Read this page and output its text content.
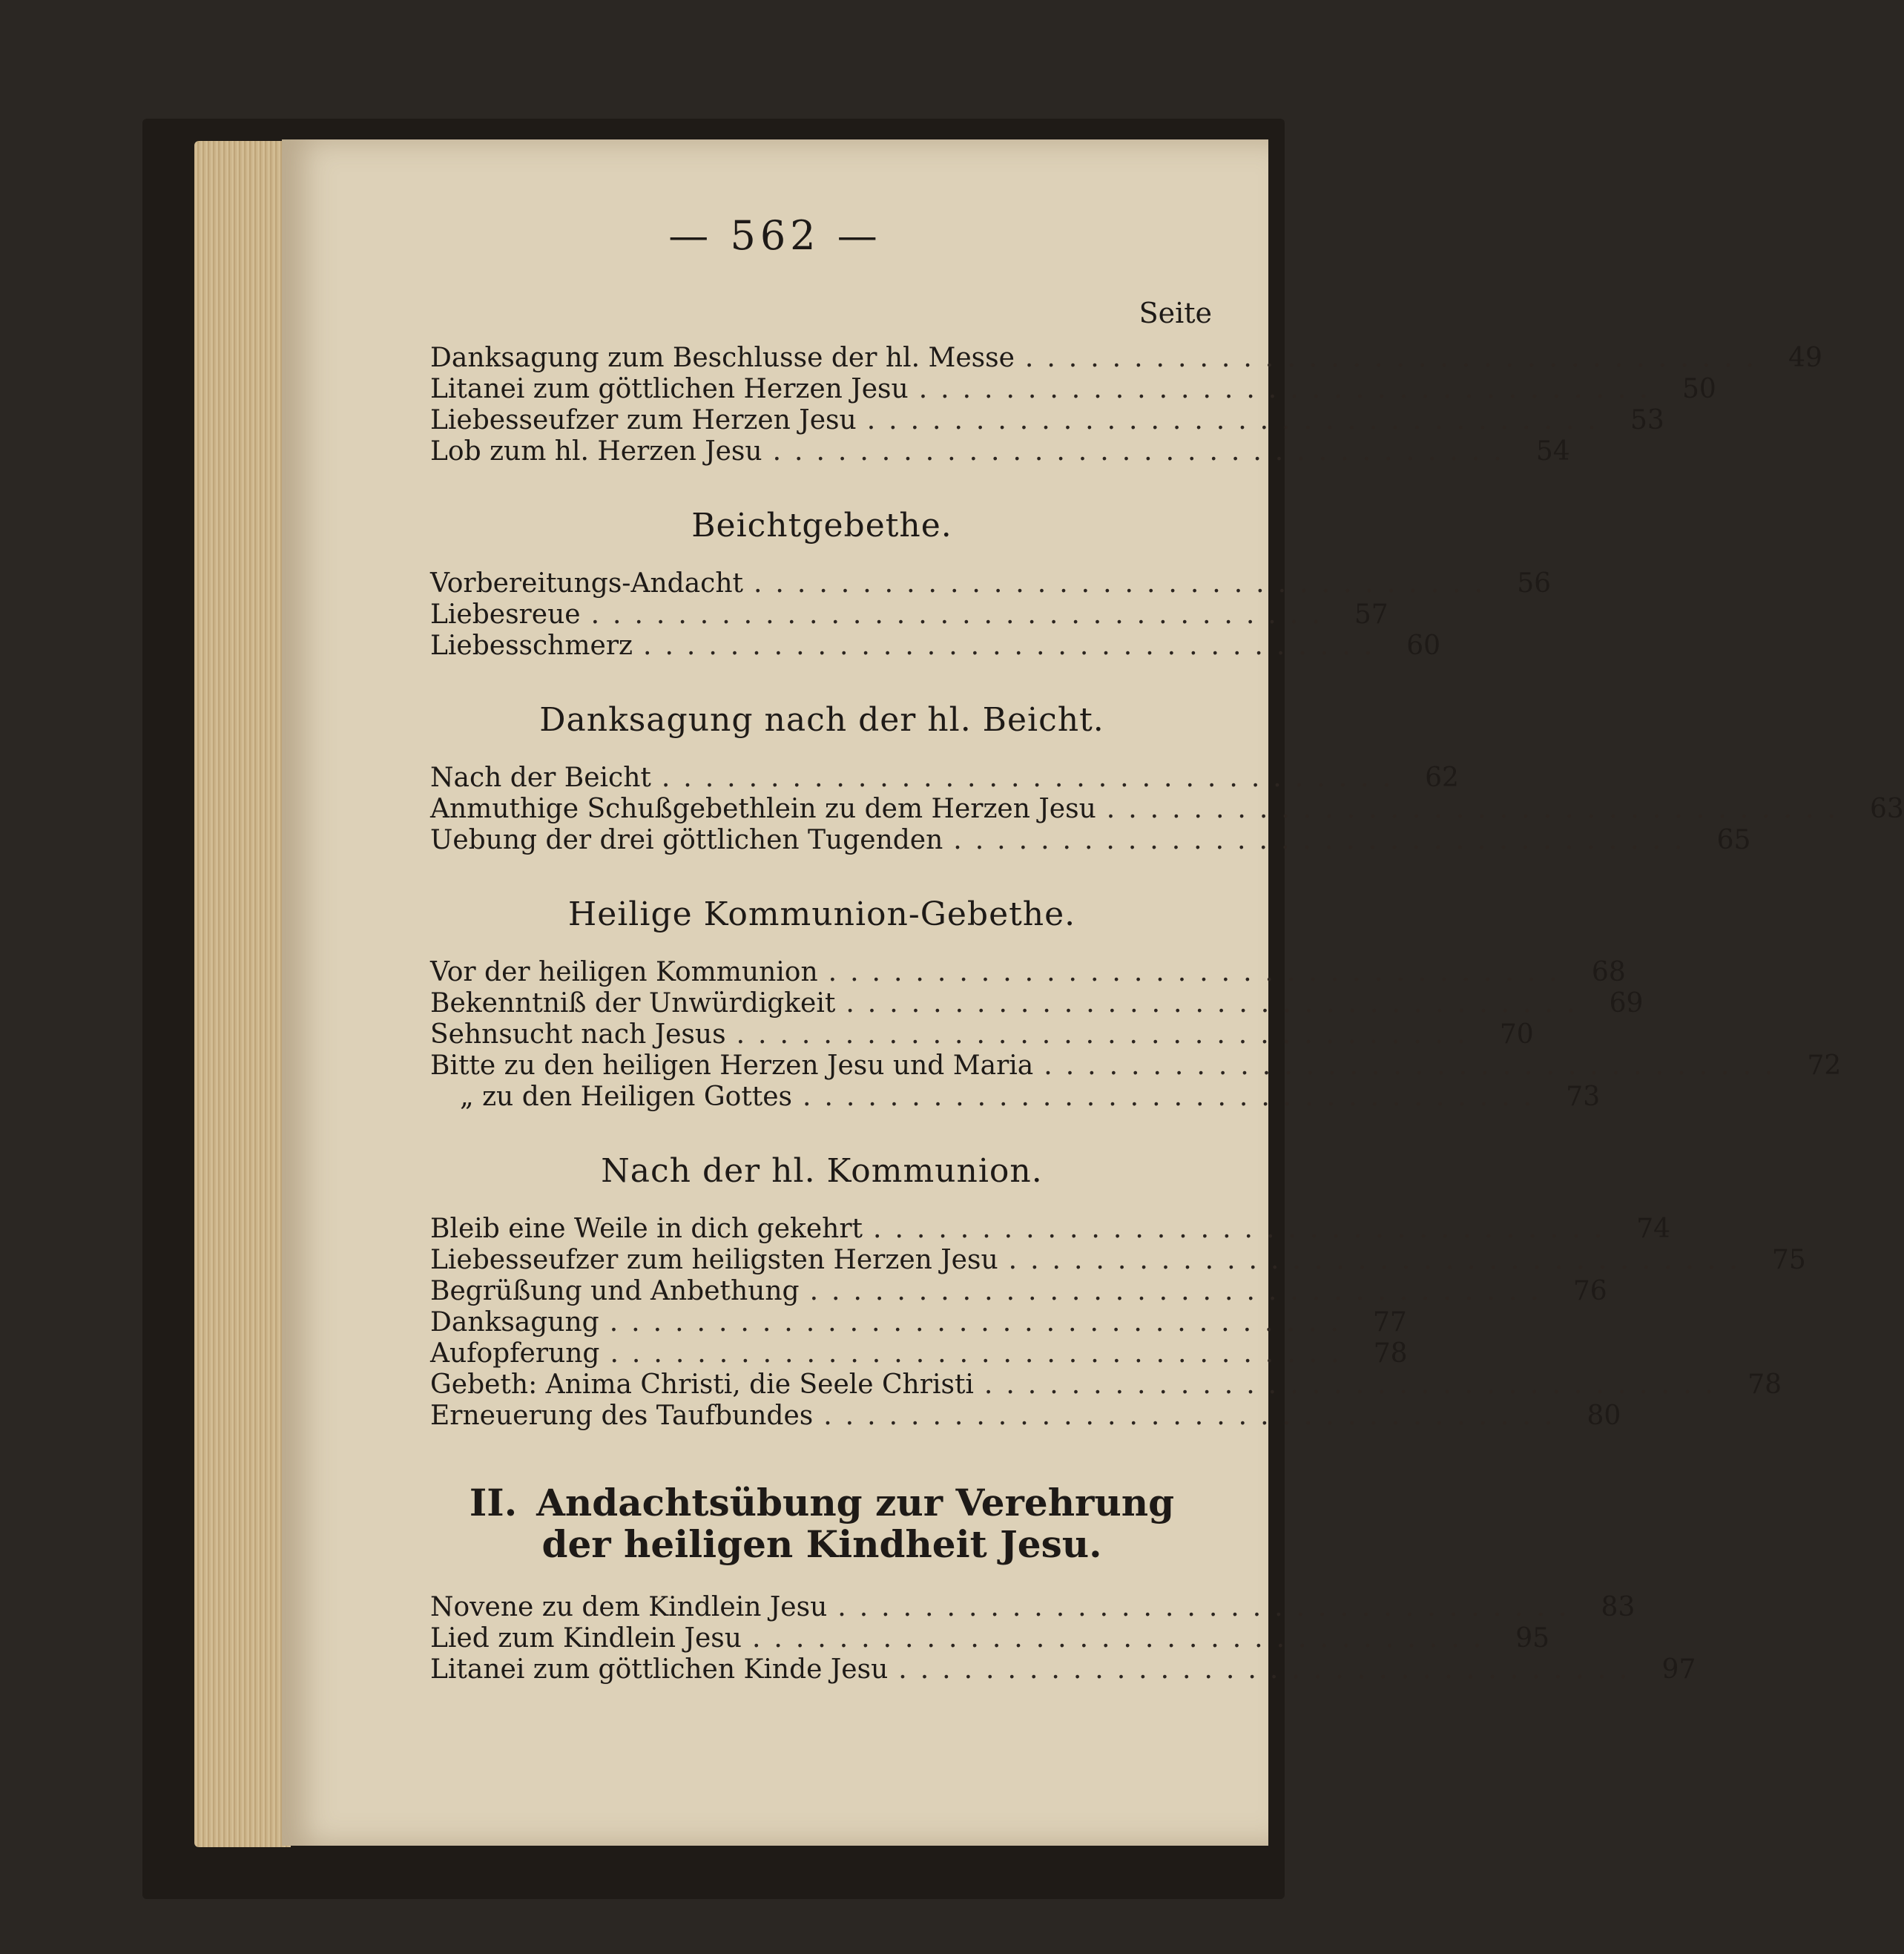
— 562 —
Seite
Danksagung zum Beschlusse der hl. Messe .................................. 49
Litanei zum göttlichen Herzen Jesu .................................. 50
Liebesseufzer zum Herzen Jesu .................................. 53
Lob zum hl. Herzen Jesu .................................. 54
Beichtgebethe.
Vorbereitungs-Andacht .................................. 56
Liebesreue .................................. 57
Liebesschmerz .................................. 60
Danksagung nach der hl. Beicht.
Nach der Beicht .................................. 62
Anmuthige Schußgebethlein zu dem Herzen Jesu .................................. 63
Uebung der drei göttlichen Tugenden .................................. 65
Heilige Kommunion-Gebethe.
Vor der heiligen Kommunion .................................. 68
Bekenntniß der Unwürdigkeit .................................. 69
Sehnsucht nach Jesus .................................. 70
Bitte zu den heiligen Herzen Jesu und Maria .................................. 72
„ zu den Heiligen Gottes .................................. 73
Nach der hl. Kommunion.
Bleib eine Weile in dich gekehrt .................................. 74
Liebesseufzer zum heiligsten Herzen Jesu .................................. 75
Begrüßung und Anbethung .................................. 76
Danksagung .................................. 77
Aufopferung .................................. 78
Gebeth: Anima Christi, die Seele Christi .................................. 78
Erneuerung des Taufbundes .................................. 80
II. Andachtsübung zur Verehrung
der heiligen Kindheit Jesu.
Novene zu dem Kindlein Jesu .................................. 83
Lied zum Kindlein Jesu .................................. 95
Litanei zum göttlichen Kinde Jesu .................................. 97
